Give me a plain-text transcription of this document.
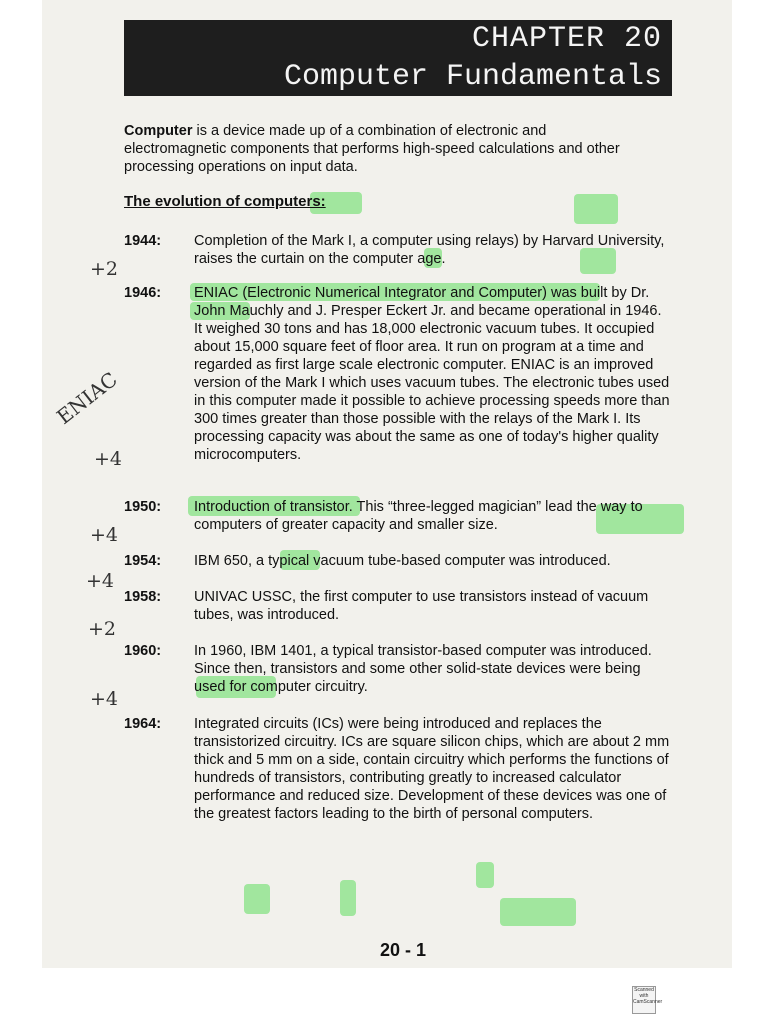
CHAPTER 20
Computer Fundamentals
Computer is a device made up of a combination of electronic and electromagnetic components that performs high-speed calculations and other processing operations on input data.
The evolution of computers:
1944:	Completion of the Mark I, a computer using relays) by Harvard University, raises the curtain on the computer age.
1946:	ENIAC (Electronic Numerical Integrator and Computer) was built by Dr. John Mauchly and J. Presper Eckert Jr. and became operational in 1946. It weighed 30 tons and has 18,000 electronic vacuum tubes. It occupied about 15,000 square feet of floor area. It run on program at a time and regarded as first large scale electronic computer. ENIAC is an improved version of the Mark I which uses vacuum tubes. The electronic tubes used in this computer made it possible to achieve processing speeds more than 300 times greater than those possible with the relays of the Mark I. Its processing capacity was about the same as one of today's higher quality microcomputers.
1950:	Introduction of transistor. This “three-legged magician” lead the way to computers of greater capacity and smaller size.
1954:	IBM 650, a typical vacuum tube-based computer was introduced.
1958:	UNIVAC USSC, the first computer to use transistors instead of vacuum tubes, was introduced.
1960:	In 1960, IBM 1401, a typical transistor-based computer was introduced. Since then, transistors and some other solid-state devices were being used for computer circuitry.
1964:	Integrated circuits (ICs) were being introduced and replaces the transistorized circuitry. ICs are square silicon chips, which are about 2 mm thick and 5 mm on a side, contain circuitry which performs the functions of hundreds of transistors, contributing greatly to increased calculator performance and reduced size. Development of these devices was one of the greatest factors leading to the birth of personal computers.
+2
ENIAC
+4
+4
+4
+2
+4
20 - 1
Scanned with CamScanner
